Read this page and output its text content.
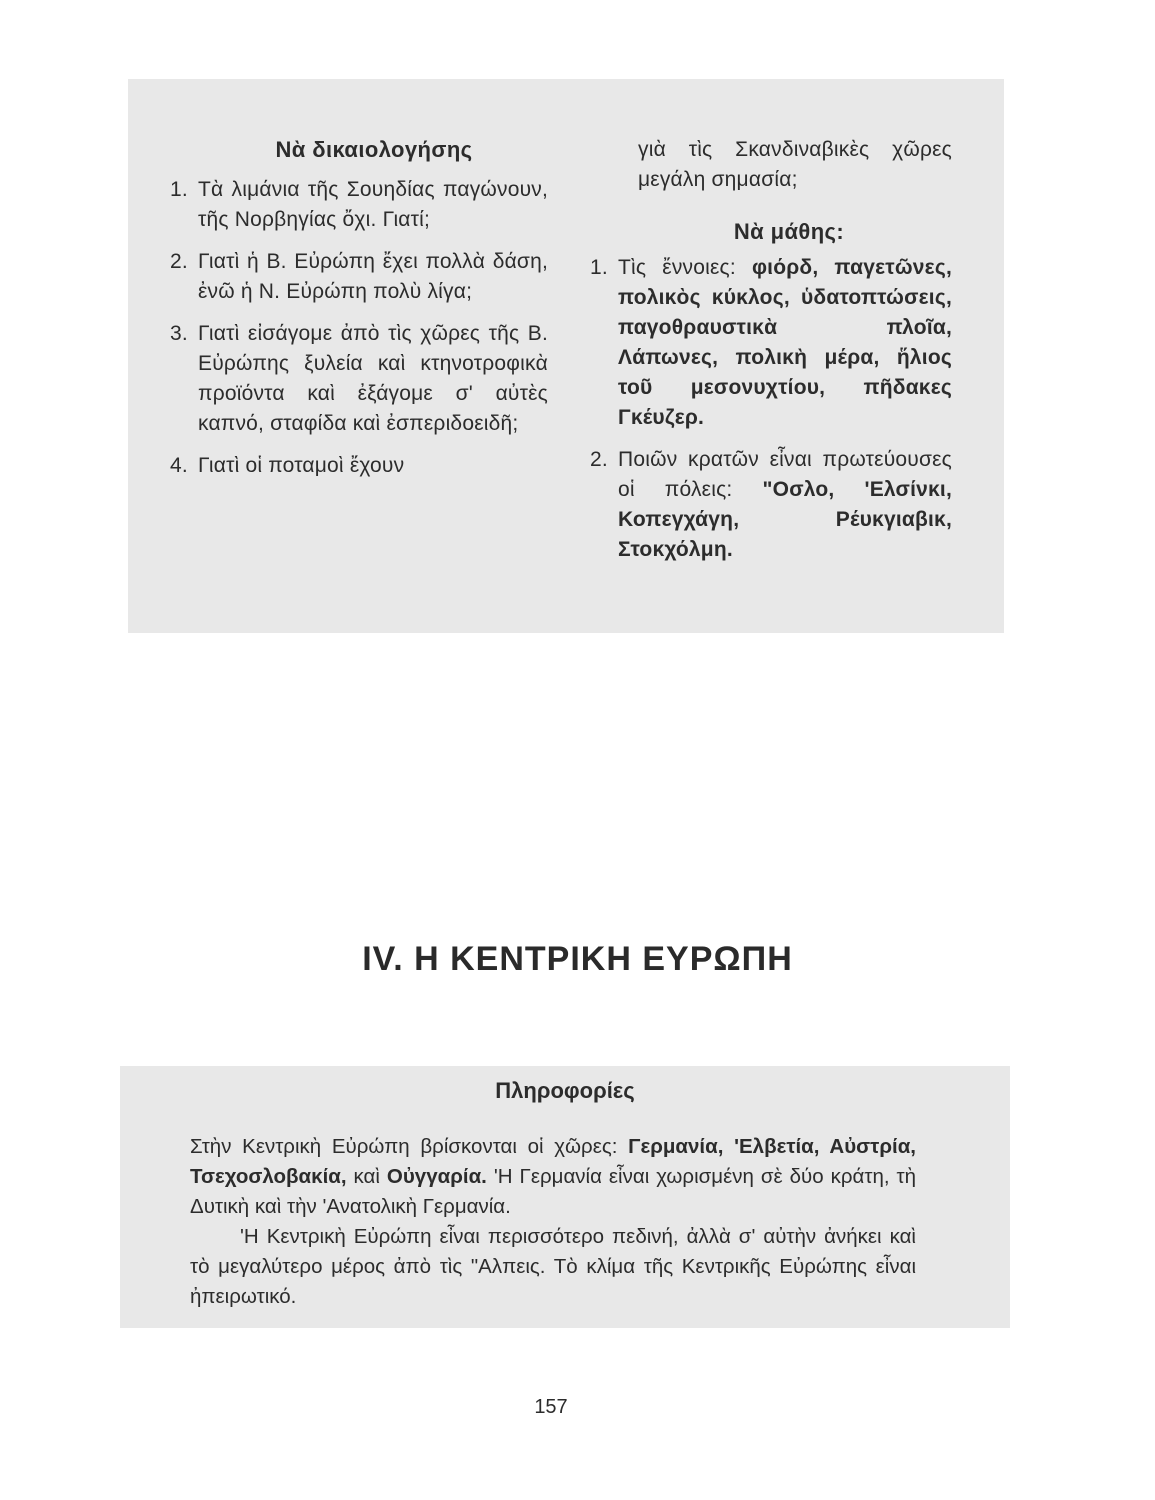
Νὰ δικαιολογήσης
1. Τὰ λιμάνια τῆς Σουηδίας παγώνουν, τῆς Νορβηγίας ὄχι. Γιατί;
2. Γιατὶ ἡ Β. Εὐρώπη ἔχει πολλὰ δάση, ἐνῶ ἡ Ν. Εὐρώπη πολὺ λίγα;
3. Γιατὶ εἰσάγομε ἀπὸ τὶς χῶρες τῆς Β. Εὐρώπης ξυλεία καὶ κτηνοτροφικὰ προϊόντα καὶ ἐξάγομε σ' αὐτὲς καπνό, σταφίδα καὶ ἐσπεριδοειδῆ;
4. Γιατὶ οἱ ποταμοὶ ἔχουν
γιὰ τὶς Σκανδιναβικὲς χῶρες μεγάλη σημασία;
Νὰ μάθης:
1. Τὶς ἔννοιες: φιόρδ, παγετῶνες, πολικὸς κύκλος, ὑδατοπτώσεις, παγοθραυστικὰ πλοῖα, Λάπωνες, πολικὴ μέρα, ἥλιος τοῦ μεσονυχτίου, πῆδακες Γκέυζερ.
2. Ποιῶν κρατῶν εἶναι πρωτεύουσες οἱ πόλεις: "Οσλο, 'Ελσίνκι, Κοπεγχάγη, Ρέυκγιαβικ, Στοκχόλμη.
IV. Η ΚΕΝΤΡΙΚΗ ΕΥΡΩΠΗ
Πληροφορίες

Στὴν Κεντρικὴ Εὐρώπη βρίσκονται οἱ χῶρες: Γερμανία, 'Ελβετία, Αὐστρία, Τσεχοσλοβακία, καὶ Οὐγγαρία. 'Η Γερμανία εἶναι χωρισμένη σὲ δύο κράτη, τὴ Δυτικὴ καὶ τὴν 'Ανατολικὴ Γερμανία.

'Η Κεντρικὴ Εὐρώπη εἶναι περισσότερο πεδινή, ἀλλὰ σ' αὐτὴν ἀνήκει καὶ τὸ μεγαλύτερο μέρος ἀπὸ τὶς "Αλπεις. Τὸ κλίμα τῆς Κεντρικῆς Εὐρώπης εἶναι ἠπειρωτικό.

157
